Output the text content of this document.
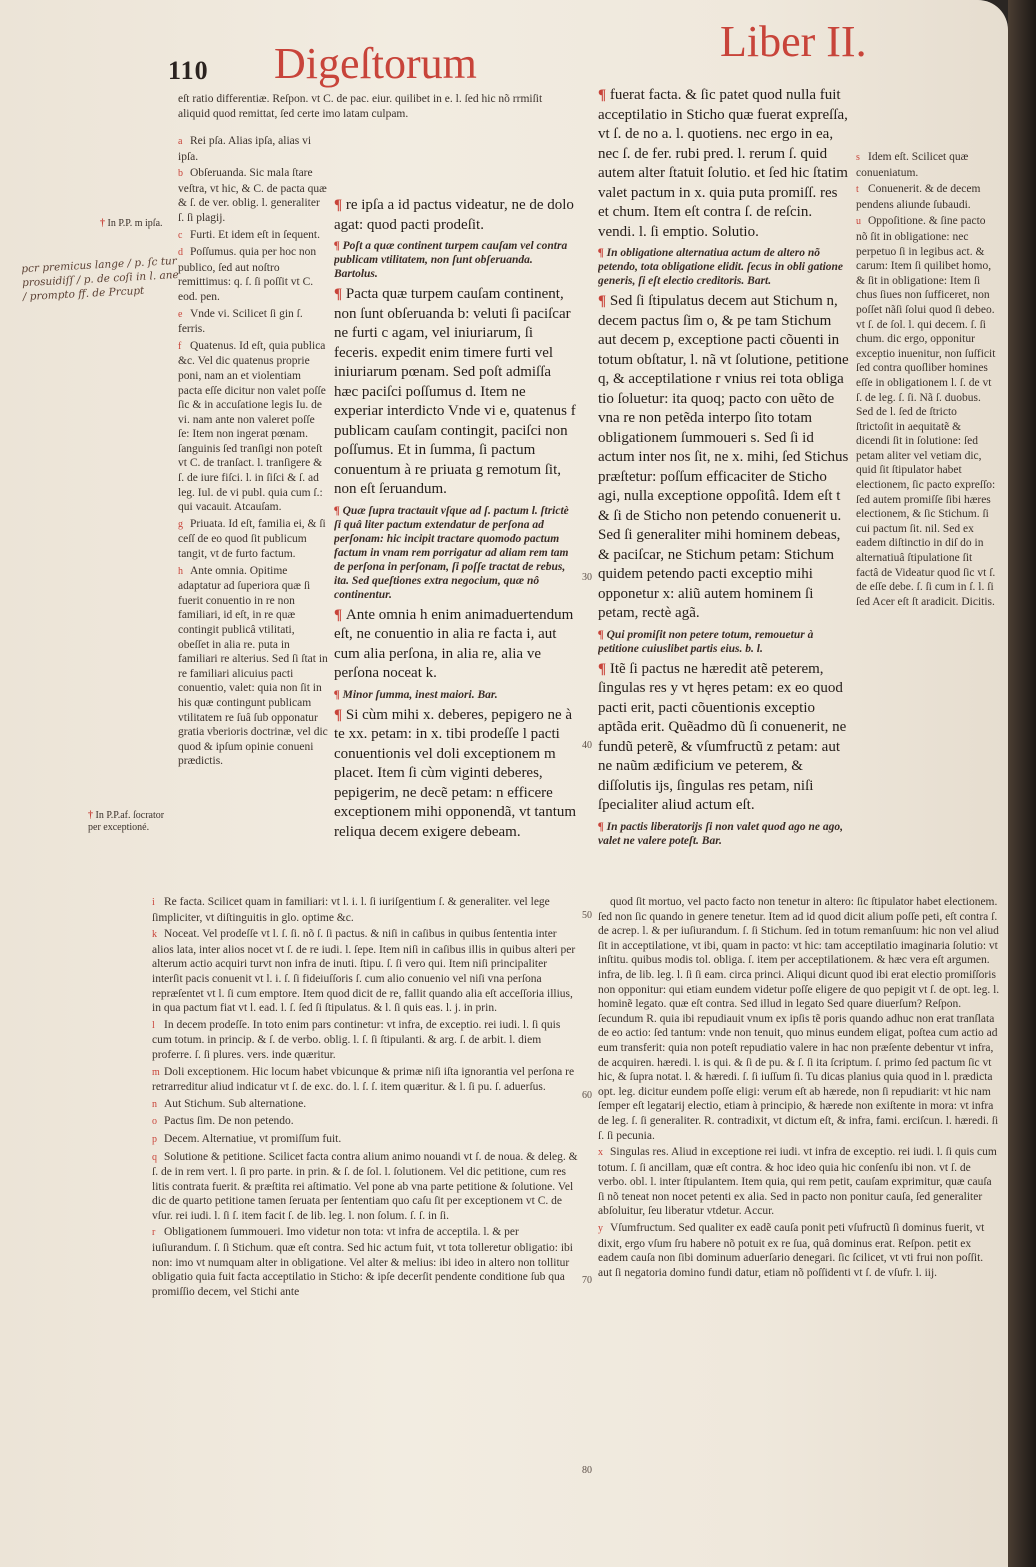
110 Digeſtorum	Liber II.
† In P.P. m ipſa.
pcr premicus lange / p. ſc tur prosuidiſſ / p. de coſi in l. ane / prompto ff. de Prcupt
† In P.P.af. ſocrator per exceptioné.
30
40
50
60
70
80

eſt ratio differentiæ. Reſpon. vt C. de pac. eiur. quilibet in e. l. ſed hic nõ rrmiſit aliquid quod remittat, ſed certe imo latam culpam.

a Rei pſa. Alias ipſa, alias vi ipſa.

b Obſeruanda. Sic mala ſtare veſtra, vt hic, & C. de pacta quæ & ſ. de ver. oblig. l. generaliter ſ. ſi plagij.

c Furti. Et idem eſt in ſequent.

d Poſſumus. quia per hoc non publico, ſed aut noſtro remittimus: q. ſ. ſi poſſit vt C. eod. pen.

e Vnde vi. Scilicet ſi gin ſ. ferris.

f Quatenus. Id eſt, quia publica &c. Vel dic quatenus proprie poni, nam an et violentiam pacta eſſe dicitur non valet poſſe ſic & in accuſatione legis Iu. de vi. nam ante non valeret poſſe ſe: Item non ingerat pœnam. ſanguinis ſed tranſigi non poteſt vt C. de tranſact. l. tranſigere & ſ. de iure fiſci. l. in ſiſci & ſ. ad leg. Iul. de vi publ. quia cum ſ.: qui vacauit. Atcauſam.

g Priuata. Id eſt, familia ei, & ſi ceſſ de eo quod ſit publicum tangit, vt de furto factum.

h Ante omnia. Opitime adaptatur ad ſuperiora quæ ſi fuerit conuentio in re non familiari, id eſt, in re quæ contingit publicâ vtilitati, obeſſet in alia re. puta in familiari re alterius. Sed ſi ſtat in re familiari alicuius pacti conuentio, valet: quia non ſit in his quæ contingunt publicam vtilitatem re ſuâ ſub opponatur gratia vberioris doctrinæ, vel dic quod & ipſum opinie conueni prædictis.

¶ re ipſa a id pactus videatur, ne de dolo agat: quod pacti prodeſit.

¶ Poſt a quæ continent turpem cauſam vel contra publicam vtilitatem, non ſunt obſeruanda. Bartolus.

¶ Pacta quæ turpem cauſam continent, non ſunt obſeruanda b: veluti ſi paciſcar ne furti c agam, vel iniuriarum, ſi feceris. expedit enim timere furti vel iniuriarum pœnam. Sed poſt admiſſa hæc paciſci poſſumus d. Item ne experiar interdicto Vnde vi e, quatenus f publicam cauſam contingit, paciſci non poſſumus. Et in ſumma, ſi pactum conuentum à re priuata g remotum ſit, non eſt ſeruandum.

¶ Quæ ſupra tractauit vſque ad ſ. pactum l. ſtrictè ſi quâ liter pactum extendatur de perſona ad perſonam: hic incipit tractare quomodo pactum factum in vnam rem porrigatur ad aliam rem tam de perſona in perſonam, ſi poſſe tractat de rebus, ita. Sed queſtiones extra negocium, quæ nô continentur.

¶ Ante omnia h enim animaduertendum eſt, ne conuentio in alia re facta i, aut cum alia perſona, in alia re, alia ve perſona noceat k.

¶ Minor ſumma, inest maiori. Bar.

¶ Si cùm mihi x. deberes, pepigero ne à te xx. petam: in x. tibi prodeſſe l pacti conuentionis vel doli exceptionem m placet. Item ſi cùm viginti deberes, pepigerim, ne decẽ petam: n efficere exceptionem mihi opponendã, vt tantum reliqua decem exigere debeam.

¶ fuerat facta. & ſic patet quod nulla fuit acceptilatio in Sticho quæ fuerat expreſſa, vt ſ. de no a. l. quotiens. nec ergo in ea, nec ſ. de fer. rubi pred. l. rerum ſ. quid autem alter ſtatuit ſolutio. et ſed hic ſtatim valet pactum in x. quia puta promiſſ. res et chum. Item eſt contra ſ. de reſcin. vendi. l. ſi emptio. Solutio.

¶ In obligatione alternatiua actum de altero nõ petendo, tota obligatione elidit. ſecus in obli gatione generis, ſi eſt electio creditoris. Bart.

¶ Sed ſi ſtipulatus decem aut Stichum n, decem pactus ſim o, & pe tam Stichum aut decem p, exceptione pacti cõuenti in totum obſtatur, l. nã vt ſolutione, petitione q, & acceptilatione r vnius rei tota obliga tio ſoluetur: ita quoq; pacto con uẽto de vna re non petẽda interpo ſito totam obligationem ſummoueri s. Sed ſi id actum inter nos ſit, ne x. mihi, ſed Stichus præſtetur: poſſum efficaciter de Sticho agi, nulla exceptione oppoſitâ. Idem eſt t & ſi de Sticho non petendo conuenerit u. Sed ſi generaliter mihi hominem debeas, & paciſcar, ne Stichum petam: Stichum quidem petendo pacti exceptio mihi opponetur x: aliũ autem hominem ſi petam, rectè agã.

¶ Qui promiſit non petere totum, remouetur à petitione cuiuslibet partis eius. b. l.

¶ Itẽ ſi pactus ne hæredit atẽ peterem, ſingulas res y vt hęres petam: ex eo quod pacti erit, pacti cõuentionis exceptio aptãda erit. Quẽadmo dũ ſi conuenerit, ne fundũ peterẽ, & vſumfructũ z petam: aut ne naũm ædificium ve peterem, & diſſolutis ijs, ſingulas res petam, niſi ſpecialiter aliud actum eſt.

¶ In pactis liberatorijs ſi non valet quod ago ne ago, valet ne valere poteſt. Bar.

s Idem eſt. Scilicet quæ conueniatum.

t Conuenerit. & de decem pendens aliunde ſubaudi.

u Oppoſitione. & ſine pacto nõ ſit in obligatione: nec perpetuo ſi in legibus act. & carum: Item ſi quilibet homo, & ſit in obligatione: Item ſi chus ſiues non ſufficeret, non poſſet nãſi ſolui quod ſi debeo. vt ſ. de ſol. l. qui decem. ſ. ſi chum. dic ergo, opponitur exceptio inuenitur, non ſuſficit ſed contra quoſliber homines eſſe in obligationem l. ſ. de vt ſ. de leg. ſ. ſi. Nã ſ. duobus. Sed de l. ſed de ſtricto ſtrictoſit in aequitatẽ & dicendi ſit in ſolutione: ſed petam aliter vel vetiam dic, quid ſit ſtipulator habet electionem, ſic pacto expreſſo: ſed autem promiſſe ſibi hæres electionem, & ſic Stichum. ſi cui pactum ſit. nil. Sed ex eadem diſtinctio in diſ do in alternatiuâ ſtipulatione ſit factâ de Videatur quod ſic vt ſ. de eſſe debe. ſ. ſi cum in ſ. l. ſi ſed Acer eſt ſt aradicit. Dicitis.

i Re facta. Scilicet quam in familiari: vt l. i. l. ſi iuriſgentium ſ. & generaliter. vel lege ſimpliciter, vt diſtinguitis in glo. optime &c.

k Noceat. Vel prodeſſe vt l. ſ. ſi. nõ ſ. ſi pactus. & niſi in caſibus in quibus ſententia inter alios lata, inter alios nocet vt ſ. de re iudi. l. ſepe. Item niſi in caſibus illis in quibus alteri per alterum actio acquiri turvt non infra de inuti. ſtipu. ſ. ſi vero qui. Item niſi principaliter interſit pacis conuenit vt l. i. ſ. ſi fideiuſſoris ſ. cum alio conuenio vel niſi vna perſona repræſentet vt l. ſi cum emptore. Item quod dicit de re, fallit quando alia eſt acceſſoria illius, in qua pactum fiat vt l. ead. l. ſ. ſed ſi ſtipulatus. & l. ſi quis eas. l. j. in prin.

l In decem prodeſſe. In toto enim pars continetur: vt infra, de exceptio. rei iudi. l. ſi quis cum totum. in princip. & ſ. de verbo. oblig. l. ſ. ſi ſtipulanti. & arg. ſ. de arbit. l. diem proferre. ſ. ſi plures. vers. inde quæritur.

m Doli exceptionem. Hic locum habet vbicunque & primæ niſi iſta ignorantia vel perſona re retrarreditur aliud indicatur vt ſ. de exc. do. l. ſ. ſ. item quæritur. & l. ſi pu. ſ. aduerſus.

n Aut Stichum. Sub alternatione.

o Pactus ſim. De non petendo.

p Decem. Alternatiue, vt promiſſum fuit.

q Solutione & petitione. Scilicet facta contra alium animo nouandi vt ſ. de noua. & deleg. & ſ. de in rem vert. l. ſi pro parte. in prin. & ſ. de ſol. l. ſolutionem. Vel dic petitione, cum res litis contrata fuerit. & præſtita rei aſtimatio. Vel pone ab vna parte petitione & ſolutione. Vel dic de quarto petitione tamen ſeruata per ſententiam quo caſu ſit per exceptionem vt C. de vſur. rei iudi. l. ſi ſ. item facit ſ. de lib. leg. l. non ſolum. ſ. ſ. in ſi.

r Obligationem ſummoueri. Imo videtur non tota: vt infra de acceptila. l. & per iuſiurandum. ſ. ſi Stichum. quæ eſt contra. Sed hic actum fuit, vt tota tolleretur obligatio: ibi non: imo vt numquam alter in obligatione. Vel alter & melius: ibi ideo in altero non tollitur obligatio quia fuit facta acceptilatio in Sticho: & ipſe decerſit pendente conditione ſub qua promiſſio decem, vel Stichi ante

quod ſit mortuo, vel pacto facto non tenetur in altero: ſic ſtipulator habet electionem. ſed non ſic quando in genere tenetur. Item ad id quod dicit alium poſſe peti, eſt contra ſ. de acrep. l. & per iuſiurandum. ſ. ſi Stichum. ſed in totum remanſuum: hic non vel aliud ſit in acceptilatione, vt ibi, quam in pacto: vt hic: tam acceptilatio imaginaria ſolutio: vt inſtitu. quibus modis tol. obliga. ſ. item per acceptilationem. & hæc vera eſt argumen. infra, de lib. leg. l. ſi ſi eam. circa princi. Aliqui dicunt quod ibi erat electio promiſſoris non opponitur: qui etiam eundem videtur poſſe eligere de quo pepigit vt ſ. de opt. leg. l. hominẽ legato. quæ eſt contra. Sed illud in legato Sed quare diuerſum? Reſpon. ſecundum R. quia ibi repudiauit vnum ex ipſis tẽ poris quando adhuc non erat tranſlata de eo actio: ſed tantum: vnde non tenuit, quo minus eundem eligat, poſtea cum actio ad eum transferit: quia non poteſt repudiatio valere in hac non præſente debentur vt infra, de acquiren. hæredi. l. is qui. & ſi de pu. & ſ. ſi ita ſcriptum. ſ. primo ſed pactum ſic vt hic, & ſupra notat. l. & hæredi. ſ. ſi iuſſum ſi. Tu dicas planius quia quod in l. prædicta opt. leg. dicitur eundem poſſe eligi: verum eſt ab hærede, non ſi repudiarit: vt hic nam ſemper eſt legatarij electio, etiam à principio, & hærede non exiſtente in mora: vt infra de leg. ſ. ſi generaliter. R. contradixit, vt dictum eſt, & infra, fami. erciſcun. l. hæredi. ſi ſ. ſi pecunia.

x Singulas res. Aliud in exceptione rei iudi. vt infra de exceptio. rei iudi. l. ſi quis cum totum. ſ. ſi ancillam, quæ eſt contra. & hoc ideo quia hic conſenſu ibi non. vt ſ. de verbo. obl. l. inter ſtipulantem. Item quia, qui rem petit, cauſam exprimitur, quæ cauſa ſi nõ teneat non nocet petenti ex alia. Sed in pacto non ponitur cauſa, ſed generaliter abſoluitur, ſeu liberatur vtdetur. Accur.

y Vſumfructum. Sed qualiter ex eadẽ cauſa ponit peti vſufructũ ſi dominus fuerit, vt dixit, ergo vſum ſru habere nõ potuit ex re ſua, quâ dominus erat. Reſpon. petit ex eadem cauſa non ſibi dominum aduerſario denegari. ſic ſcilicet, vt vti frui non poſſit. aut ſi negatoria domino fundi datur, etiam nõ poſſidenti vt ſ. de vſufr. l. iij.
